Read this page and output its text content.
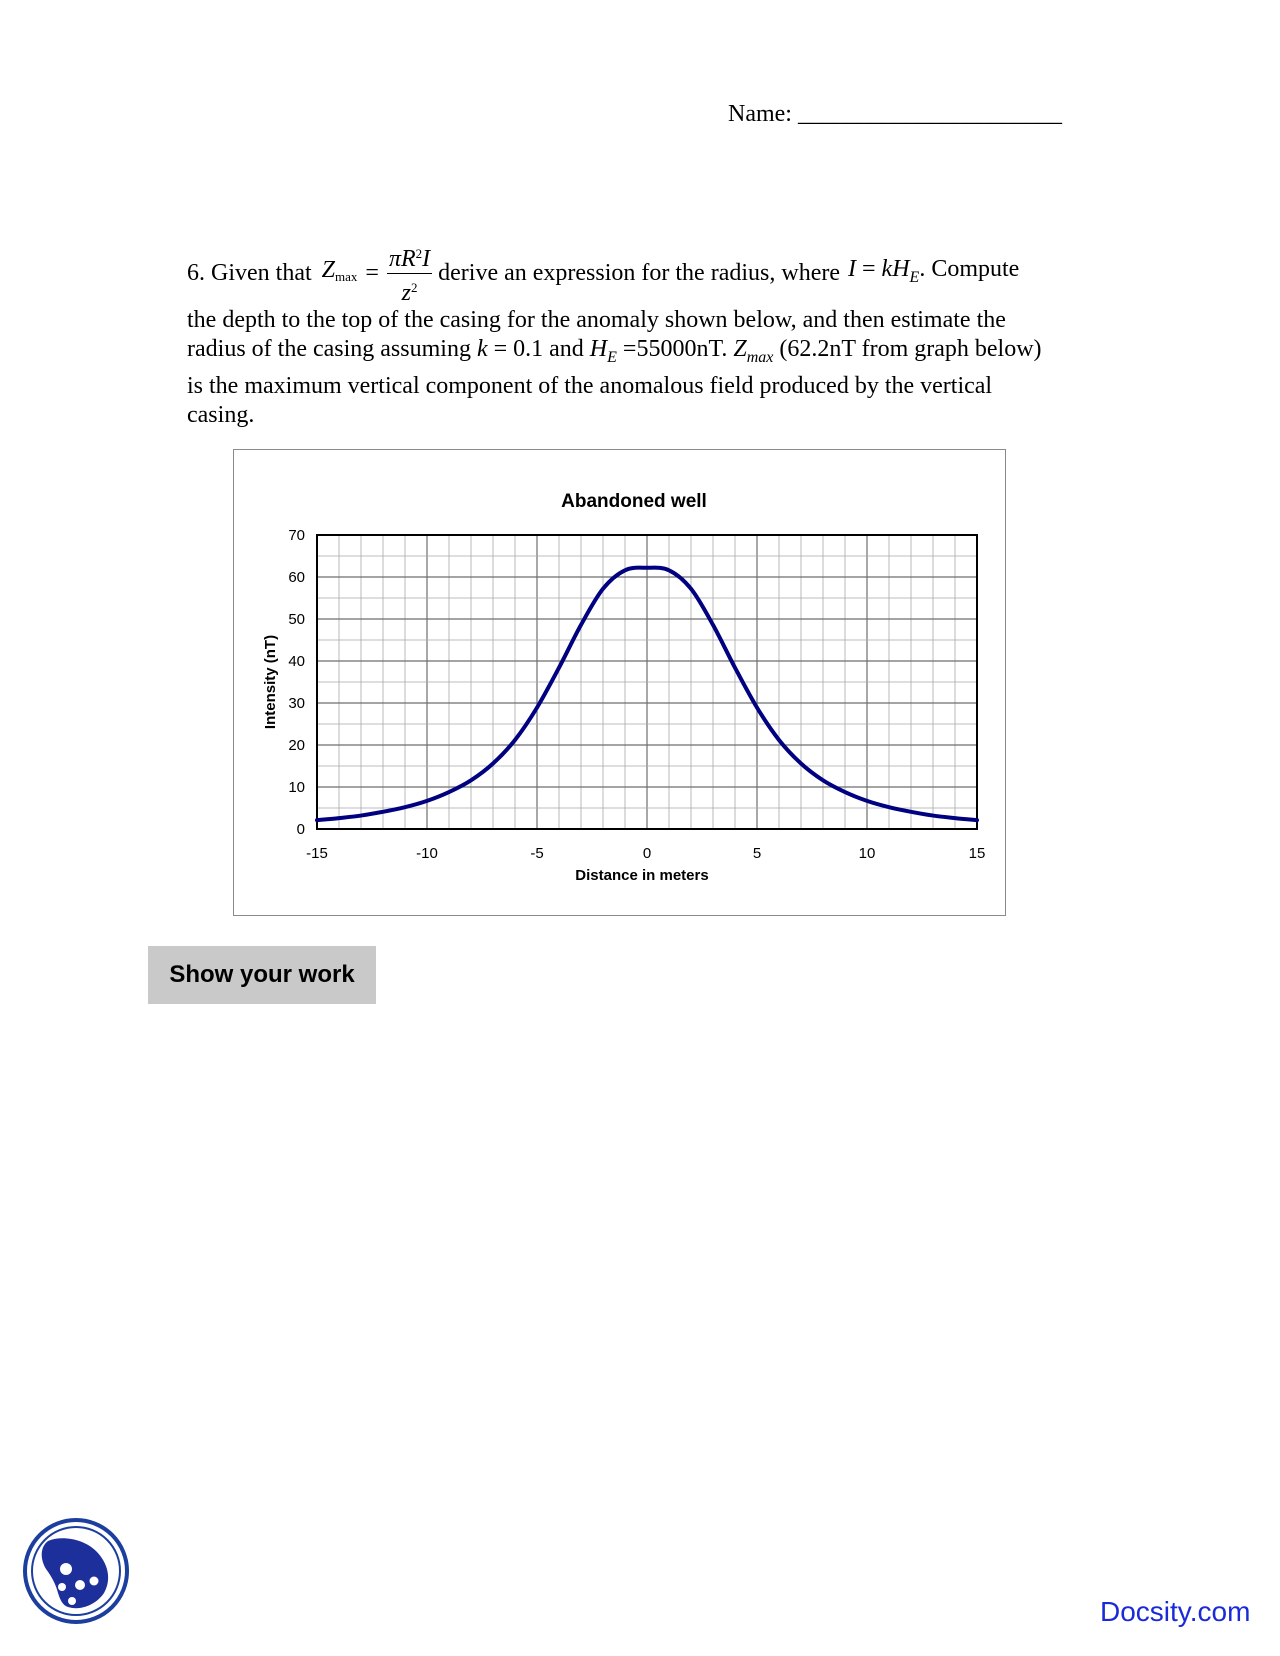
Name: ______________________
6. Given that $Z_{max} = \frac{\pi R^2I}{z^2}$ derive an expression for the radius, where $I = kH_E$. Compute
the depth to the top of the casing for the anomaly shown below, and then estimate the
radius of the casing assuming k = 0.1 and $H_E =55000nT$. $Z_{max}$ (62.2nT from graph below)
is the maximum vertical component of the anomalous field produced by the vertical
casing.
Abandoned well
0
10
20
30
40
50
60
70
-15	-10	-5	0	5	10	15
Distance in meters
Intensity (nT)
Show your work
Docsity.com
